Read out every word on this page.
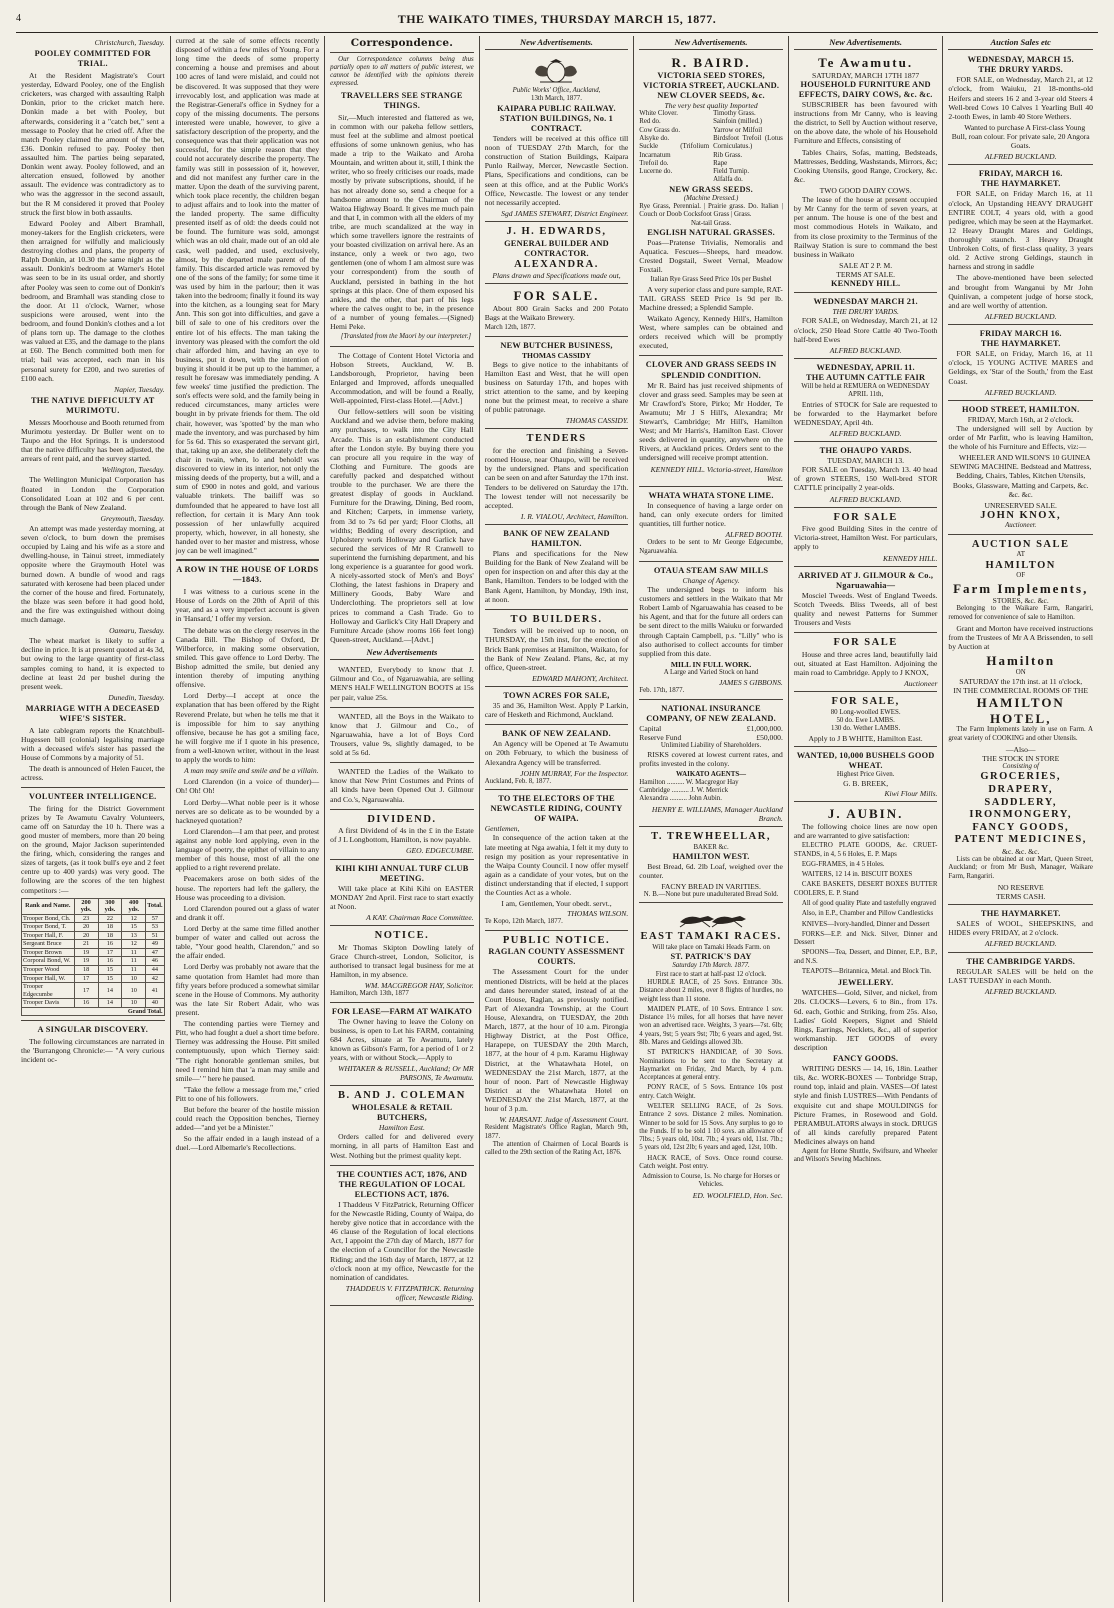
4	THE WAIKATO TIMES, THURSDAY MARCH 15, 1877.
Christchurch, Tuesday.
POOLEY COMMITTED FOR TRIAL.

At the Resident Magistrate's Court yesterday, Edward Pooley, one of the English cricketers, was charged with assaulting Ralph Donkin, prior to the cricket match here. Donkin made a bet with Pooley, but afterwards, considering it a "catch bet," sent a message to Pooley that he cried off. After the match Pooley claimed the amount of the bet, £36. Donkin refused to pay. Pooley then assaulted him. The parties being separated, Donkin went away. Pooley followed, and an altercation ensued, followed by another assault. The evidence was contradictory as to who was the aggressor in the second assault, but the R M considered it proved that Pooley struck the first blow in both assaults.

Edward Pooley and Albert Bramhall, money-takers for the English cricketers, were then arraigned for wilfully and maliciously destroying clothes and plans, the property of Ralph Donkin, at 10.30 the same night as the assault. Donkin's bedroom at Warner's Hotel was seen to be in its usual order, and shortly after Pooley was seen to come out of Donkin's bedroom, and Bramhall was standing close to the door. At 11 o'clock, Warner, whose suspicions were aroused, went into the bedroom, and found Donkin's clothes and a lot of plans torn up. The damage to the clothes was valued at £35, and the damage to the plans at £60. The Bench committed both men for trial; bail was accepted, each man in his personal surety for £200, and two sureties of £100 each.

Napier, Tuesday.
THE NATIVE DIFFICULTY AT MURIMOTU.

Messrs Moorhouse and Booth returned from Murimotu yesterday. Dr Buller went on to Taupo and the Hot Springs. It is understood that the native difficulty has been adjusted, the arrears of rent paid, and the survey started.

Wellington, Tuesday.

The Wellington Municipal Corporation has floated in London the Corporation Consolidated Loan at 102 and 6 per cent. through the Bank of New Zealand.

Greymouth, Tuesday.

An attempt was made yesterday morning, at seven o'clock, to burn down the premises occupied by Laing and his wife as a store and dwelling-house, in Tainui street, immediately opposite where the Graymouth Hotel was burned down. A bundle of wood and rags saturated with kerosene had been placed under the corner of the house and fired. Fortunately, the blaze was seen before it had good hold, and the fire was extinguished without doing much damage.

Oamaru, Tuesday.

The wheat market is likely to suffer a decline in price. It is at present quoted at 4s 3d, but owing to the large quantity of first-class samples coming to hand, it is expected to decline at least 2d per bushel during the present week.

Dunedin, Tuesday.
MARRIAGE WITH A DECEASED WIFE'S SISTER.

A late cablegram reports the Knatchbull-Hugessen bill (colonial) legalising marriage with a deceased wife's sister has passed the House of Commons by a majority of 51.

The death is announced of Helen Faucet, the actress.

VOLUNTEER INTELLIGENCE.

The firing for the District Government prizes by Te Awamutu Cavalry Volunteers, came off on Saturday the 10 h. There was a good muster of members, more than 20 being on the ground, Major Jackson superintended the firing, which, considering the ranges and sizes of targets, (as it took bull's eye and 2 feet centre up to 400 yards) was very good. The following are the scores of the ten highest competitors :—

Rank and Name.	200 yds.	300 yds.	400 yds.	Total.
Trooper Bond, Ch.	23	22	12	57
Trooper Bond, T.	20	18	15	53
Trooper Hall, F.	20	18	13	51
Sergeant Bruce	21	16	12	49
Trooper Brown	19	17	11	47
Corporal Bond, W.	19	16	11	46
Trooper Wood	18	15	11	44
Trooper Hall, W.	17	15	10	42
Trooper Edgecumbe	17	14	10	41
Trooper Davis	16	14	10	40
Grand Total.				
A SINGULAR DISCOVERY.

The following circumstances are narrated in the 'Burrangong Chronicle:— "A very curious incident oc-

curred at the sale of some effects recently disposed of within a few miles of Young. For a long time the deeds of some property concerning a house and premises and about 100 acres of land were mislaid, and could not be discovered. It was supposed that they were irrevocably lost, and application was made at the Registrar-General's office in Sydney for a copy of the missing documents. The persons interested were unable, however, to give a satisfactory description of the property, and the consequence was that their application was not successful, for the simple reason that they could not accurately describe the property. The family was still in possession of it, however, and did not manifest any further care in the matter. Upon the death of the surviving parent, which took place recently, the children began to adjust affairs and to look into the matter of the landed property. The same difficulty presented itself as of old: the deeds could not be found. The furniture was sold, amongst which was an old chair, made out of an old ale cask, well padded, and used, exclusively, almost, by the departed male parent of the family. This discarded article was removed by one of the sons of the family; for some time it was used by him in the parlour; then it was taken into the bedroom; finally it found its way into the kitchen, as a lounging seat for Mary Ann. This son got into difficulties, and gave a bill of sale to one of his creditors over the entire lot of his effects. The man taking the inventory was pleased with the comfort the old chair afforded him, and having an eye to business, put it down, with the intention of buying it should it be put up to the hammer, a result he foresaw was immediately pending. A few weeks' time justified the prediction. The son's effects were sold, and the family being in reduced circumstances, many articles were bought in by private friends for them. The old chair, however, was 'spotted' by the man who made the inventory, and was purchased by him for 5s 6d. This so exasperated the servant girl, that, taking up an axe, she deliberately cleft the chair in twain, when, lo and behold! was discovered to view in its interior, not only the missing deeds of the property, but a will, and a sum of £900 in notes and gold, and various valuable trinkets. The bailiff was so dumfounded that he appeared to have lost all reflection, for certain it is Mary Ann took possession of her unlawfully acquired property, which, however, in all honesty, she handed over to her master and mistress, whose joy can be well imagined."

A ROW IN THE HOUSE OF LORDS—1843.

I was witness to a curious scene in the House of Lords on the 20th of April of this year, and as a very imperfect account is given in 'Hansard,' I offer my version.

The debate was on the clergy reserves in the Canada Bill. The Bishop of Oxford, Dr Wilberforce, in making some observation, smiled. This gave offence to Lord Derby. The Bishop admitted the smile, but denied any intention thereby of imputing anything offensive.

Lord Derby—I accept at once the explanation that has been offered by the Right Reverend Prelate, but when he tells me that it is impossible for him to say anything offensive, because he has got a smiling face, he will forgive me if I quote in his presence, from a well-known writer, without in the least to apply the words to him:

A man may smile and smile and be a villain.

Lord Clarendon (in a voice of thunder)—Oh! Oh! Oh!

Lord Derby—What noble peer is it whose nerves are so delicate as to be wounded by a hackneyed quotation?

Lord Clarendon—I am that peer, and protest against any noble lord applying, even in the language of poetry, the epithet of villain to any member of this house, most of all the one applied to a right reverend prelate.

Peacemakers arose on both sides of the house. The reporters had left the gallery, the House was proceeding to a division.

Lord Clarendon poured out a glass of water and drank it off.

Lord Derby at the same time filled another bumper of water and called out across the table, "Your good health, Clarendon," and so the affair ended.

Lord Derby was probably not aware that the same quotation from Hamlet had more than fifty years before produced a somewhat similar scene in the House of Commons. My authority was the late Sir Robert Adair, who was present.

The contending parties were Tierney and Pitt, who had fought a duel a short time before. Tierney was addressing the House. Pitt smiled contemptuously, upon which Tierney said: "The right honorable gentleman smiles, but need I remind him that 'a man may smile and smile—' " here he paused.

"Take the fellow a message from me," cried Pitt to one of his followers.

But before the bearer of the hostile mission could reach the Opposition benches, Tierney added—"and yet be a Minister."

So the affair ended in a laugh instead of a duel.—Lord Albemarle's Recollections.

Correspondence.

Our Correspondence columns being thus partially open to all matters of public interest, we cannot be identified with the opinions therein expressed.

TRAVELLERS SEE STRANGE THINGS.

Sir,—Much interested and flattered as we, in common with our pakeha fellow settlers, must feel at the sublime and almost poetical effusions of some unknown genius, who has made a trip to the Waikato and Aroha Mountain, and written about it, still, I think the writer, who so freely criticises our roads, made mostly by private subscriptions, should, if he has not already done so, send a cheque for a handsome amount to the Chairman of the Waitoa Highway Board. It gives me much pain and that I, in common with all the elders of my tribe, are much scandalized at the way in which some travellers ignore the restraints of your boasted civilization on arrival here. As an instance, only a week or two ago, two gentlemen (one of whom I am almost sure was your correspondent) from the south of Auckland, persisted in bathing in the hot springs at this place. One of them exposed his ankles, and the other, that part of his legs where the calves ought to be, in the presence of a number of young females.—(Signed) Hemi Peke.

[Translated from the Maori by our interpreter.]

The Cottage of Content Hotel Victoria and Hobson Streets, Auckland, W. B. Landsborough, Proprietor, having been Enlarged and Improved, affords unequalled Accommodation, and will be found a Really, Well-appointed, First-class Hotel.—[Advt.]

Our fellow-settlers will soon be visiting Auckland and we advise them, before making any purchases, to walk into the City Hall Arcade. This is an establishment conducted after the London style. By buying there you can procure all you require in the way of Clothing and Furniture. The goods are carefully packed and despatched without trouble to the purchaser. We are there the greatest display of goods in Auckland. Furniture for the Drawing, Dining, Bed room, and Kitchen; Carpets, in immense variety, from 3d to 7s 6d per yard; Floor Cloths, all widths; Bedding of every description, and Upholstery work Holloway and Garlick have secured the services of Mr R Cranwell to superintend the furnishing department, and his long experience is a guarantee for good work. A nicely-assorted stock of Men's and Boys' Clothing, the latest fashions in Drapery and Millinery Goods, Baby Ware and Underclothing. The proprietors sell at low prices to command a Cash Trade. Go to Holloway and Garlick's City Hall Drapery and Furniture Arcade (show rooms 166 feet long) Queen-street, Auckland.—[Advt.]

New Advertisements

WANTED, Everybody to know that J. Gilmour and Co., of Ngaruawahia, are selling MEN'S HALF WELLINGTON BOOTS at 15s per pair, value 25s.

WANTED, all the Boys in the Waikato to know that J. Gilmour and Co., of Ngaruawahia, have a lot of Boys Cord Trousers, value 9s, slightly damaged, to be sold at 5s 6d.

WANTED the Ladies of the Waikato to know that New Print Costumes and Prints of all kinds have been Opened Out J. Gilmour and Co.'s, Ngaruawahia.

DIVIDEND.

A first Dividend of 4s in the £ in the Estate of J L Longbottom, Hamilton, is now payable.

GEO. EDGECUMBE.
KIHI KIHI ANNUAL TURF CLUB MEETING.

Will take place at Kihi Kihi on EASTER MONDAY 2nd April. First race to start exactly at Noon.

A KAY. Chairman Race Committee.
NOTICE.

Mr Thomas Skipton Dowling lately of Grace Church-street, London, Solicitor, is authorised to transact legal business for me at Hamilton, in my absence.

WM. MACGREGOR HAY, Solicitor.
Hamilton, March 13th, 1877
FOR LEASE—FARM AT WAIKATO

The Owner having to leave the Colony on business, is open to Let his FARM, containing 684 Acres, situate at Te Awamutu, lately known as Gibson's Farm, for a period of 1 or 2 years, with or without Stock,—Apply to

WHITAKER & RUSSELL, Auckland; Or MR PARSONS, Te Awamutu.
B. AND J. COLEMAN
WHOLESALE & RETAIL BUTCHERS,
Hamilton East.

Orders called for and delivered every morning, in all parts of Hamilton East and West. Nothing but the primest quality kept.

THE COUNTIES ACT, 1876, AND THE REGULATION OF LOCAL ELECTIONS ACT, 1876.

I Thaddeus V FitzPatrick, Returning Officer for the Newcastle Riding, County of Waipa, do hereby give notice that in accordance with the 46 clause of the Regulation of local elections Act, I appoint the 27th day of March, 1877 for the election of a Councillor for the Newcastle Riding; and the 16th day of March, 1877, at 12 o'clock noon at my office, Newcastle for the nomination of candidates.

THADDEUS V. FITZPATRICK. Returning officer, Newcastle Riding.
New Advertisements.
Public Works' Office, Auckland,
13th March, 1877.
KAIPARA PUBLIC RAILWAY. STATION BUILDINGS, No. 1 CONTRACT.

Tenders will be received at this office till noon of TUESDAY 27th March, for the construction of Station Buildings, Kaipara Punlo Railway, Mercer, Newcastle Section. Plans, Specifications and conditions, can be seen at this office, and at the Public Work's Office, Newcastle. The lowest or any tender not necessarily accepted.

Sgd JAMES STEWART, District Engineer.
J. H. EDWARDS,
GENERAL BUILDER AND CONTRACTOR.
ALEXANDRA.
Plans drawn and Specifications made out,
FOR SALE.

About 800 Grain Sacks and 200 Potato Bags at the Waikato Brewery.

March 12th, 1877.
NEW BUTCHER BUSINESS,
THOMAS CASSIDY

Begs to give notice to the inhabitants of Hamilton East and West, that he will open business on Saturday 17th, and hopes with strict attention to the same, and by keeping none but the primest meat, to receive a share of public patronage.

THOMAS CASSIDY.
TENDERS

for the erection and finishing a Seven-roomed House, near Ohaupo, will be received by the undersigned. Plans and specification can be seen on and after Saturday the 17th inst. Tenders to be delivered on Saturday the 17th. The lowest tender will not necessarily be accepted.

I. R. VIALOU, Architect, Hamilton.
BANK OF NEW ZEALAND HAMILTON.

Plans and specifications for the New Building for the Bank of New Zealand will be open for inspection on and after this day at the Bank, Hamilton. Tenders to be lodged with the Bank Agent, Hamilton, by Monday, 19th inst, at noon.

TO BUILDERS.

Tenders will be received up to noon, on THURSDAY, the 15th inst, for the erection of Brick Bank premises at Hamilton, Waikato, for the Bank of New Zealand. Plans, &c, at my office, Queen-street.

EDWARD MAHONY, Architect.
TOWN ACRES FOR SALE,

35 and 36, Hamilton West. Apply P Larkin, care of Hesketh and Richmond, Auckland.

BANK OF NEW ZEALAND.

An Agency will be Opened at Te Awamutu on 20th February, to which the business of Alexandra Agency will be transferred.

JOHN MURRAY, For the Inspector.
Auckland, Feb. 8, 1877.
TO THE ELECTORS OF THE NEWCASTLE RIDING, COUNTY OF WAIPA.
Gentlemen,

In consequence of the action taken at the late meeting at Nga awahia, I felt it my duty to resign my position as your representative in the Waipa County Council. I now offer myself again as a candidate of your votes, but on the distinct understanding that if elected, I support the Counties Act as a whole.

I am, Gentlemen, Your obedt. servt.,
THOMAS WILSON.
Te Kopo, 12th March, 1877.
PUBLIC NOTICE.
RAGLAN COUNTY ASSESSMENT COURTS.

The Assessment Court for the under mentioned Districts, will be held at the places and dates hereunder stated, instead of at the Court House, Raglan, as previously notified. Part of Alexandra Township, at the Court House, Alexandra, on TUESDAY, the 20th March, 1877, at the hour of 10 a.m. Pirongia Highway District, at the Post Office, Harapepe, on TUESDAY the 20th March, 1877, at the hour of 4 p.m. Karamu Highway District, at the Whatawhata Hotel, on WEDNESDAY the 21st March, 1877, at the hour of noon. Part of Newcastle Highway District at the Whatawhata Hotel on WEDNESDAY the 21st March, 1877, at the hour of 3 p.m.

W. HARSANT. Judge of Assessment Court.
Resident Magistrate's Office Raglan, March 9th, 1877.

The attention of Chairmen of Local Boards is called to the 29th section of the Rating Act, 1876.

New Advertisements.
R. BAIRD.
VICTORIA SEED STORES, VICTORIA STREET, AUCKLAND.
NEW CLOVER SEEDS, &c.
The very best quality Imported
White Clover.
Red do.
Cow Grass do.
Alsyke do.
Suckle (Trifolium Incarnatum
Trefoil do.
Lucerne do.
Timothy Grass.
Sainfoin (milled.)
Yarrow or Milfoil
Birdsfoot Trefoil (Lotus Corniculatus.)
Rib Grass.
Rape
Field Turnip.
Alfalfa do.
NEW GRASS SEEDS.
(Machine Dressed.)
Rye Grass, Perennial. | Prairie grass. Do. Italian | Couch or Doob Cocksfoot Grass | Grass.
Nat-tail Grass.
ENGLISH NATURAL GRASSES.

Poas—Pratense Trivialis, Nemoralis and Aquatica. Fescues—Sheeps, hard meadow. Crested Dogstail, Sweet Vernal, Meadow Foxtail.

Italian Rye Grass Seed Price 10s per Bushel

A very superior class and pure sample, RAT-TAIL GRASS SEED Price 1s 9d per lb. Machine dressed; a Splendid Sample.

Waikato Agency, Kennedy Hill's, Hamilton West, where samples can be obtained and orders received which will be promptly executed,

CLOVER AND GRASS SEEDS IN SPLENDID CONDITION.

Mr R. Baird has just received shipments of clover and grass seed. Samples may be seen at Mr Crawford's Store, Pirko; Mr Hodder, Te Awamutu; Mr J S Hill's, Alexandra; Mr Stewart's, Cambridge; Mr Hill's, Hamilton West; and Mr Harris's, Hamilton East. Clover seeds delivered in quantity, anywhere on the Rivers, at Auckland prices. Orders sent to the undersigned will receive prompt attention.

KENNEDY HILL. Victoria-street, Hamilton West.
WHATA WHATA STONE LIME.

In consequence of having a large order on hand, can only execute orders for limited quantities, till further notice.

ALFRED BOOTH.

Orders to be sent to Mr George Edgecumbe, Ngaruawahia.

OTAUA STEAM SAW MILLS
Change of Agency.

The undersigned begs to inform his customers and settlers in the Waikato that Mr Robert Lamb of Ngaruawahia has ceased to be his Agent, and that for the future all orders can be sent direct to the mills Waiuku or forwarded through Captain Campbell, p.s. "Lilly" who is also authorised to collect accounts for timber supplied from this date.

MILL IN FULL WORK.
A Large and Varied Stock on hand
JAMES S GIBBONS.
Feb. 17th, 1877.
NATIONAL INSURANCE COMPANY, OF NEW ZEALAND.
Capital	£1,000,000.
Reserve Fund	£50,000.
Unlimited Liability of Shareholders.

RISKS covered at lowest current rates, and profits invested in the colony.

WAIKATO AGENTS—
Hamilton .......... W. Macgregor Hay
Cambridge .......... J. W. Merrick
Alexandra .......... John Aubin.
HENRY E. WILLIAMS, Manager Auckland Branch.
T. TREWHEELLAR,
BAKER &c.
HAMILTON WEST.

Best Bread, 6d. 2lb Loaf, weighed over the counter.

FACNY BREAD IN VARITIES.
N. B.—None but pure unadulterated Bread Sold.
EAST TAMAKI RACES.
Will take place on Tamaki Heads Farm. on
ST. PATRICK'S DAY
Saturday 17th March. 1877.
First race to start at half-past 12 o'clock.
HURDLE RACE, of 25 Sovs. Entrance 30s. Distance about 2 miles, over 8 flights of hurdles, no weight less than 11 stone.
MAIDEN PLATE, of 10 Sovs. Entrance 1 sov. Distance 1½ miles, for all horses that have never won an advertised race. Weights, 3 years—7st. 6lb; 4 years, 9st; 5 years 9st; 7lb; 6 years and aged, 9st. 8lb. Mares and Geldings allowed 3lb.
ST PATRICK'S HANDICAP, of 30 Sovs. Nominations to be sent to the Secretary at Haymarket on Friday, 2nd March, by 4 p.m. Acceptances at general entry.
PONY RACE, of 5 Sovs. Entrance 10s post entry. Catch Weight.
WELTER SELLING RACE, of 2s Sovs. Entrance 2 sovs. Distance 2 miles. Nomination. Winner to be sold for 15 Sovs. Any surplus to go to the Funds. If to be sold 1 10 sovs. an allowance of 7lbs.; 5 years old, 10st. 7lb.; 4 years old, 11st. 7lb.; 5 years old, 12st 2lb; 6 years and aged, 12st, 10lb.
HACK RACE, of Sovs. Once round course. Catch weight. Post entry.
Admission to Course, 1s. No charge for Horses or Vehicles.
ED. WOOLFIELD, Hon. Sec.
New Advertisements.
Te Awamutu.
SATURDAY, MARCH 17TH 1877
HOUSEHOLD FURNITURE AND EFFECTS, DAIRY COWS, &c. &c.

SUBSCRIBER has been favoured with instructions from Mr Canny, who is leaving the district, to Sell by Auction without reserve, on the above date, the whole of his Household Furniture and Effects, consisting of

Tables Chairs, Sofas, matting, Bedsteads, Mattresses, Bedding, Washstands, Mirrors, &c; Cooking Utensils, good Range, Crockery, &c. &c.

TWO GOOD DAIRY COWS.

The lease of the house at present occupied by Mr Canny for the term of seven years, at per annum. The house is one of the best and most commodious Hotels in Waikato, and from its close proximity to the Terminus of the Railway Station is sure to command the best business in Waikato

SALE AT 2 P. M.
TERMS AT SALE.
KENNEDY HILL.
WEDNESDAY MARCH 21.
THE DRURY YARDS.

FOR SALE, on Wednesday, March 21, at 12 o'clock, 250 Head Store Cattle 40 Two-Tooth half-bred Ewes

ALFRED BUCKLAND.
WEDNESDAY, APRIL 11.
THE AUTUMN CATTLE FAIR
Will be held at REMUERA on WEDNESDAY APRIL 11th,

Entries of STOCK for Sale are requested to be forwarded to the Haymarket before WEDNESDAY, April 4th.

ALFRED BUCKLAND.
THE OHAUPO YARDS.
TUESDAY, MARCH 13.

FOR SALE on Tuesday, March 13. 40 head of grown STEERS, 150 Well-bred STOR CATTLE principally 2 year-olds.

ALFRED BUCKLAND.
FOR SALE

Five good Building Sites in the centre of Victoria-street, Hamilton West. For particulars, apply to

KENNEDY HILL.
ARRIVED AT J. GILMOUR & Co., Ngaruawahia—

Mosciel Tweeds. West of England Tweeds. Scotch Tweeds. Bliss Tweeds, all of best quality and newest Patterns for Summer Trousers and Vests

FOR SALE

House and three acres land, beautifully laid out, situated at East Hamilton. Adjoining the main road to Cambridge. Apply to J KNOX,

Auctioneer
FOR SALE,
80 Long-woolled EWES.
50 do. Ewe LAMBS.
130 do. Wether LAMBS.
Apply to J B WHITE, Hamilton East.
WANTED, 10,000 BUSHELS GOOD WHEAT.
Highest Price Given.
G. B. BREEK,
Kiwi Flour Mills.
J. AUBIN.

The following choice lines are now open and are warranted to give satisfaction:

ELECTRO PLATE GOODS, &c. CRUET-STANDS, in 4, 5 6 Holes, E. P. Maps
EGG-FRAMES, in 4 5 Holes.
WAITERS, 12 14 in. BISCUIT BOXES
CAKE BASKETS, DESERT BOXES BUTTER COOLERS, E. P. Stand
All of good quality Plate and tastefully engraved
Also, in E.P., Chamber and Pillow Candlesticks
KNIVES—Ivory-handled, Dinner and Dessert
FORKS—E.P. and Nick. Silver, Dinner and Dessert
SPOONS—Tea, Dessert, and Dinner, E.P., B.P., and N.S.
TEAPOTS—Britannica, Metal. and Block Tin.
JEWELLERY.

WATCHES—Gold, Silver, and nickel, from 20s. CLOCKS—Levers, 6 to 8in., from 17s. 6d. each, Gothic and Striking, from 25s. Also, Ladies' Gold Keepers, Signet and Shield Rings, Earrings, Necklets, &c., all of superior workmanship. JET GOODS of every description

FANCY GOODS.

WRITING DESKS — 14, 16, 18in. Leather tils, &c. WORK-BOXES — Tonbridge Strap, round top, inlaid and plain. VASES—Of latest style and finish LUSTRES—With Pendants of exquisite cut and shape MOULDINGS for Picture Frames, in Rosewood and Gold. PERAMBULATORS always in stock. DRUGS of all kinds carefully prepared Patent Medicines always on hand

Agent for Home Shuttle, Swiftsure, and Wheeler and Wilson's Sewing Machines.

Auction Sales etc
WEDNESDAY, MARCH 15.
THE DRURY YARDS.

FOR SALE, on Wednesday, March 21, at 12 o'clock, from Waiuku, 21 18-months-old Heifers and steers 16 2 and 3-year old Steers 4 Well-bred Cows 10 Calves 1 Yearling Bull 40 2-tooth Ewes, in lamb 40 Store Wethers.

Wanted to purchase A First-class Young Bull, roan colour. For private sale, 20 Angora Goats.

ALFRED BUCKLAND.
FRIDAY, MARCH 16.
THE HAYMARKET.

FOR SALE, on Friday March 16, at 11 o'clock, An Upstanding HEAVY DRAUGHT ENTIRE COLT, 4 years old, with a good pedigree, which may be seen at the Haymarket. 12 Heavy Draught Mares and Geldings, thoroughly staunch. 3 Heavy Draught Unbroken Colts, of first-class quality, 3 years old. 2 Active strong Geldings, staunch in harness and strong in saddle

The above-mentioned have been selected and brought from Wanganui by Mr John Quinlivan, a competent judge of horse stock, and are well worthy of attention.

ALFRED BUCKLAND.
FRIDAY MARCH 16.
THE HAYMARKET.

FOR SALE, on Friday, March 16, at 11 o'clock, 15 YOUNG ACTIVE MARES and Geldings, ex 'Star of the South,' from the East Coast.

ALFRED BUCKLAND.
HOOD STREET, HAMILTON.
FRIDAY, March 16th, at 2 o'clock.

The undersigned will sell by Auction by order of Mr Parfitt, who is leaving Hamilton, the whole of his Furniture and Effects, viz:—

WHEELER AND WILSON'S 10 GUINEA SEWING MACHINE. Bedstead and Mattress, Bedding, Chairs, Tables, Kitchen Utensils, Books, Glassware, Matting and Carpets, &c. &c. &c.

UNRESERVED SALE.
JOHN KNOX,
Auctioneer.
AUCTION SALE
AT
HAMILTON
OF
Farm Implements,
STORES, &c. &c.

Belonging to the Waikare Farm, Rangariri, removed for convenience of sale to Hamilton.

Grant and Morton have received instructions from the Trustees of Mr A A Brissenden, to sell by Auction at

Hamilton
ON
SATURDAY the 17th inst. at 11 o'clock,
IN THE COMMERCIAL ROOMS OF THE
HAMILTON HOTEL,

The Farm Implements lately in use on Farm. A great variety of COOKING and other Utensils.

—Also—
THE STOCK IN STORE
Consisting of
GROCERIES,
DRAPERY,
SADDLERY,
IRONMONGERY,
FANCY GOODS,
PATENT MEDICINES,
&c. &c. &c.

Lists can be obtained at our Mart, Queen Street, Auckland; or from Mr Bush, Manager, Waikare Farm, Rangariri.

NO RESERVE
TERMS CASH.
THE HAYMARKET.

SALES of WOOL, SHEEPSKINS, and HIDES every FRIDAY, at 2 o'clock.

ALFRED BUCKLAND.
THE CAMBRIDGE YARDS.

REGULAR SALES will be held on the LAST TUESDAY in each Month.

ALFRED BUCKLAND.
